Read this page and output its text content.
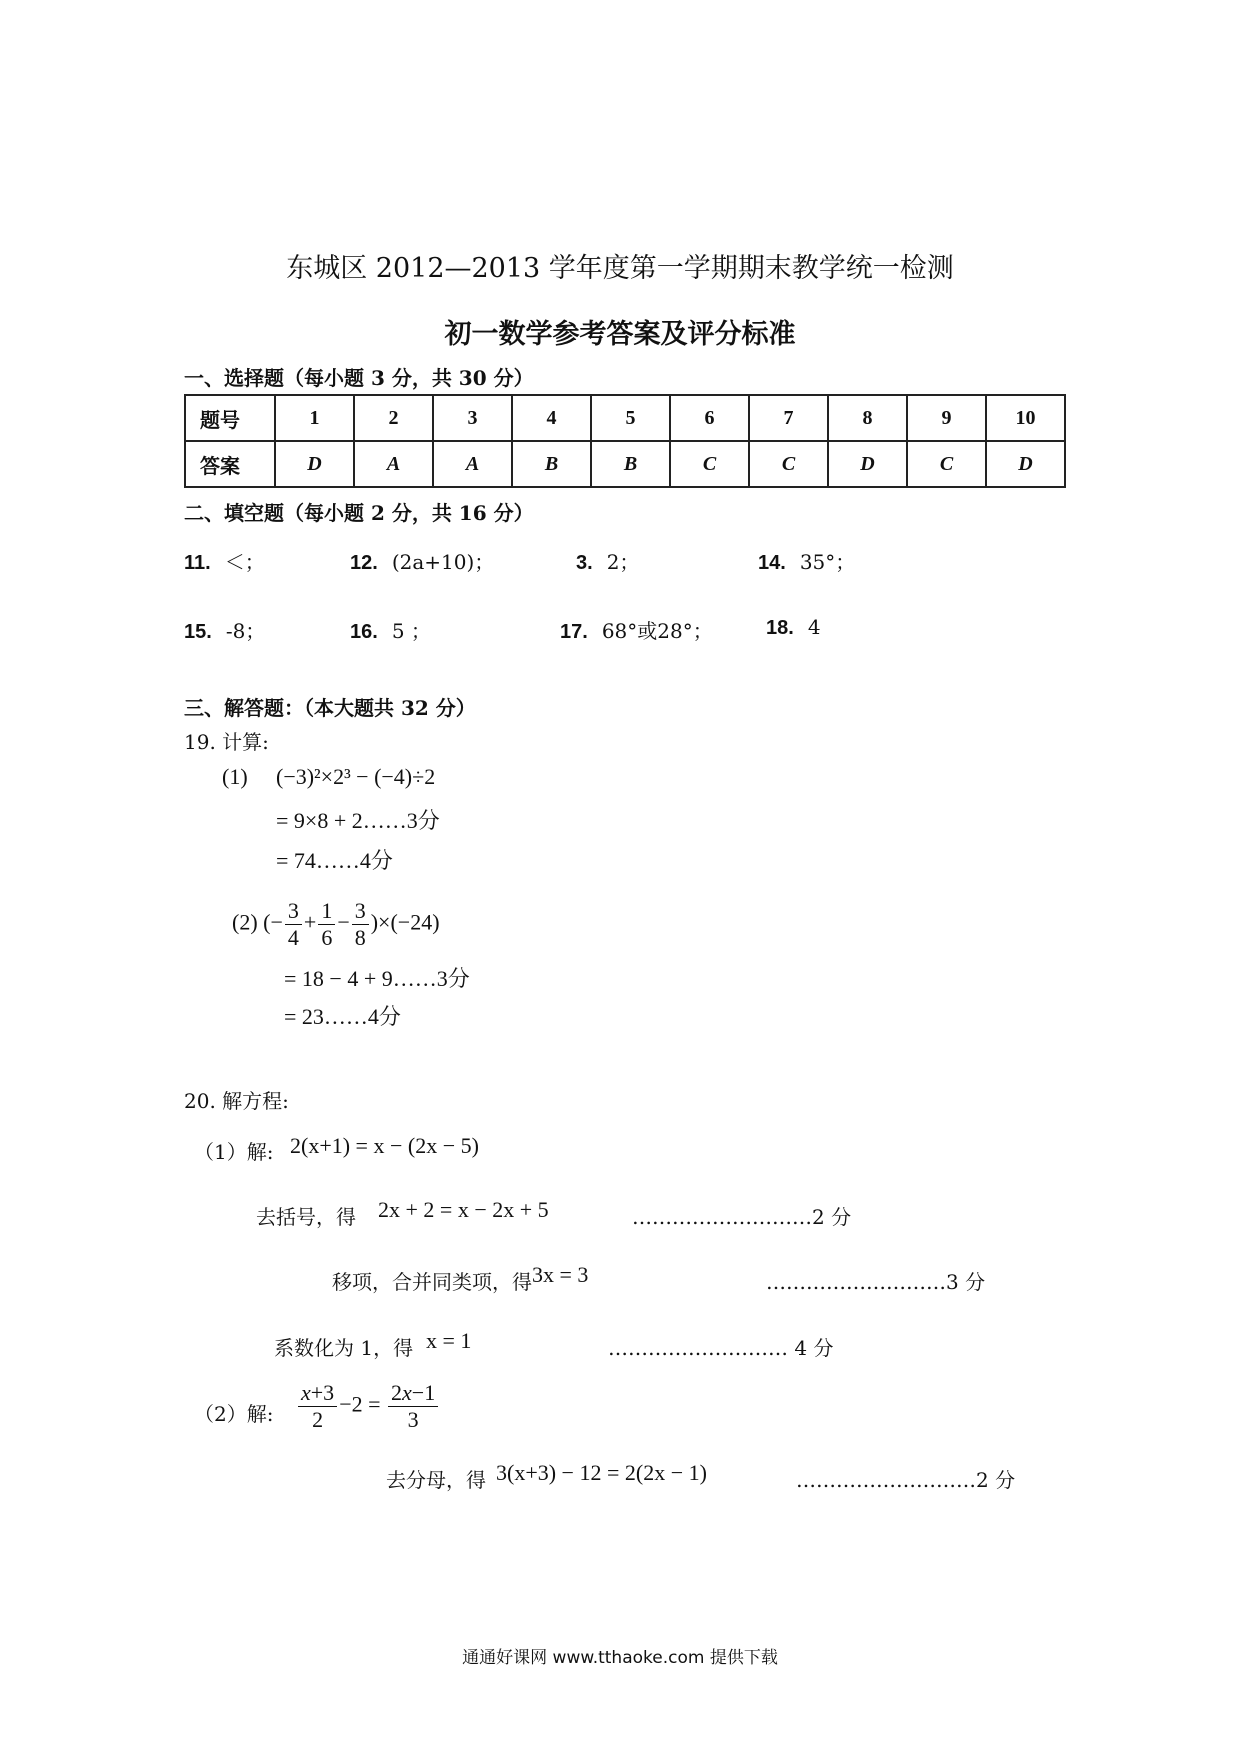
东城区 2012—2013 学年度第一学期期末教学统一检测
初一数学参考答案及评分标准
一、选择题（每小题 3 分，共 30 分）
题号	1	2	3	4	5	6	7	8	9	10
答案	D	A	A	B	B	C	C	D	C	D
二、填空题（每小题 2 分，共 16 分）
11. ＜；	12. (2a+10)；	3. 2；	14. 35°；
15. -8；	16. 5 ；	17. 68°或28°；	18. 4
三、解答题：（本大题共 32 分）
19. 计算:
(1) (−3)²×2³ − (−4)÷2
= 9×8 + 2……3分
= 74……4分
(2) (− $\frac{3}{4} + \frac{1}{6} - \frac{3}{8} )\times(-24)$
= 18 − 4 + 9……3分
= 23……4分
20. 解方程:
（1）解: 2(x+1) = x − (2x − 5)
去括号，得 2x + 2 = x − 2x + 5	………………………2 分
移项，合并同类项，得 3x = 3	………………………3 分
系数化为 1，得 x = 1	……………………… 4 分
（2）解: $\frac{x+3}{2} -2 = \frac{2x-1}{3}$
去分母，得 3(x+3) − 12 = 2(2x − 1)	………………………2 分
通通好课网 www.tthaoke.com 提供下载
